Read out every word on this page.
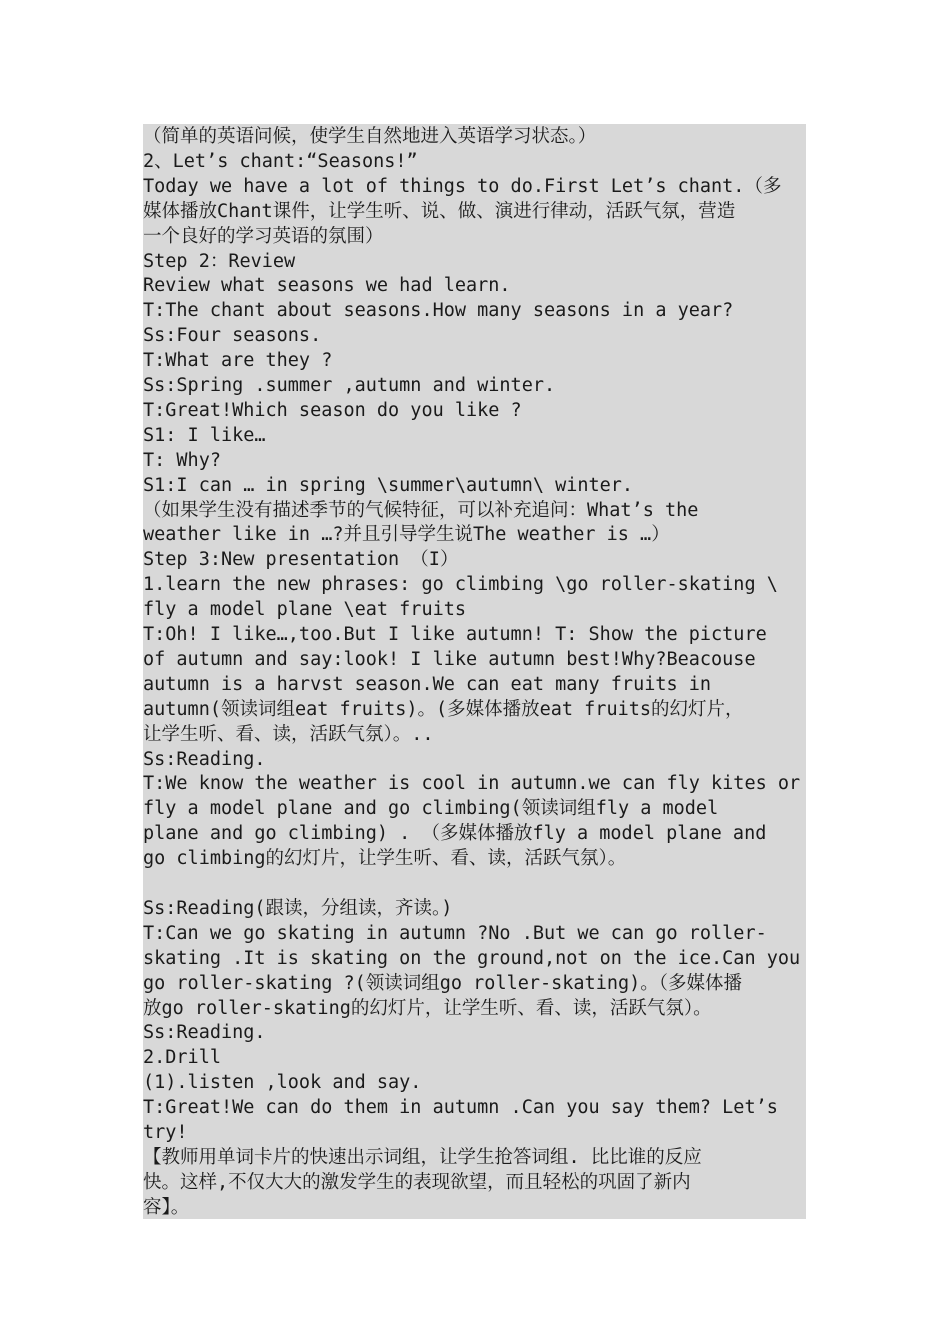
（简单的英语问候，使学生自然地进入英语学习状态。）
2、Let’s chant:“Seasons!”
Today we have a lot of things to do.First Let’s chant.（多
媒体播放Chant课件，让学生听、说、做、演进行律动，活跃气氛，营造
一个良好的学习英语的氛围）
Step 2：Review
Review what seasons we had learn.
T:The chant about seasons.How many seasons in a year?
Ss:Four seasons.
T:What are they ?
Ss:Spring .summer ,autumn and winter.
T:Great!Which season do you like ?
S1: I like…
T: Why?
S1:I can … in spring \summer\autumn\ winter.
（如果学生没有描述季节的气候特征，可以补充追问：What’s the
weather like in …?并且引导学生说The weather is …）
Step 3:New presentation （I）
1.learn the new phrases: go climbing \go roller-skating \
fly a model plane \eat fruits
T:Oh! I like…,too.But I like autumn! T: Show the picture
of autumn and say:look! I like autumn best!Why?Beacouse
autumn is a harvst season.We can eat many fruits in
autumn(领读词组eat fruits)。(多媒体播放eat fruits的幻灯片，
让学生听、看、读，活跃气氛）。..
Ss:Reading.
T:We know the weather is cool in autumn.we can fly kites or
fly a model plane and go climbing(领读词组fly a model
plane and go climbing) . （多媒体播放fly a model plane and
go climbing的幻灯片，让学生听、看、读，活跃气氛）。
Ss:Reading(跟读，分组读，齐读。)
T:Can we go skating in autumn ?No .But we can go roller-
skating .It is skating on the ground,not on the ice.Can you
go roller-skating ?(领读词组go roller-skating)。（多媒体播
放go roller-skating的幻灯片，让学生听、看、读，活跃气氛）。
Ss:Reading.
2.Drill
(1).listen ,look and say.
T:Great!We can do them in autumn .Can you say them? Let’s
try!
【教师用单词卡片的快速出示词组，让学生抢答词组. 比比谁的反应
快。这样,不仅大大的激发学生的表现欲望，而且轻松的巩固了新内
容】。
